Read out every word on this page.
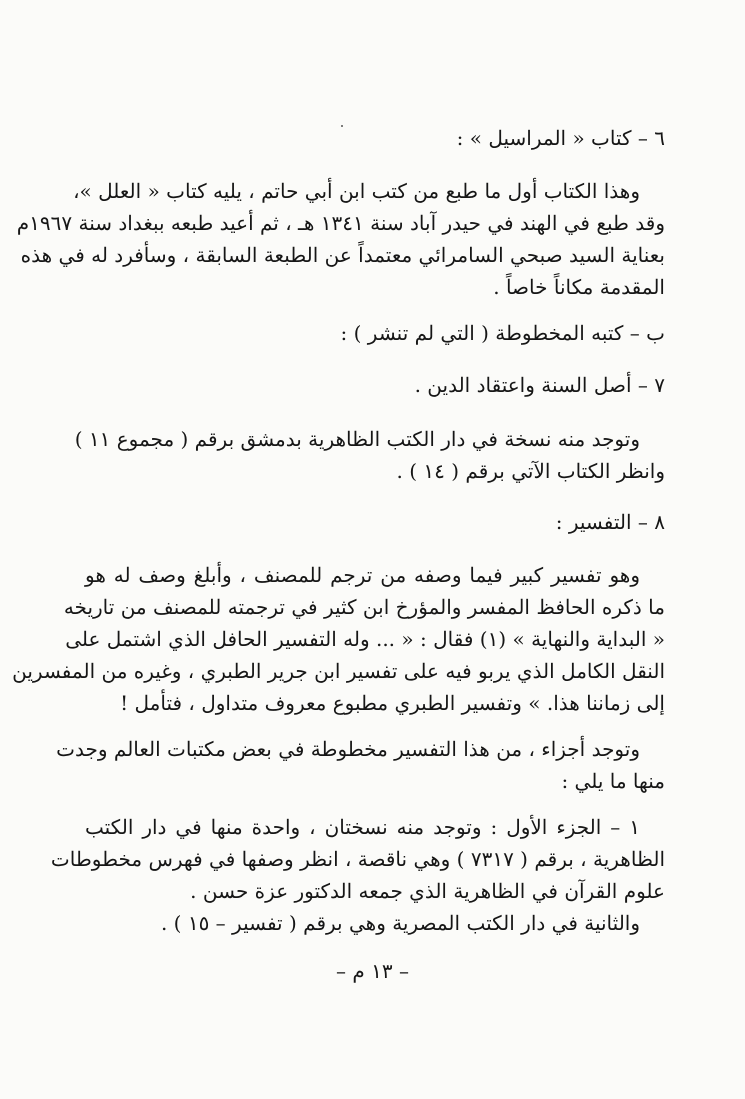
٦ – كتاب « المراسيل » :
وهذا الكتاب أول ما طبع من كتب ابن أبي حاتم ، يليه كتاب « العلل »،
وقد طبع في الهند في حيدر آباد سنة ١٣٤١ هـ ، ثم أعيد طبعه ببغداد سنة ١٩٦٧م
بعناية السيد صبحي السامرائي معتمداً عن الطبعة السابقة ، وسأفرد له في هذه
المقدمة مكاناً خاصاً .
ب – كتبه المخطوطة ( التي لم تنشر ) :
٧ – أصل السنة واعتقاد الدين .
وتوجد منه نسخة في دار الكتب الظاهرية بدمشق برقم ( مجموع ١١ )
وانظر الكتاب الآتي برقم ( ١٤ ) .
٨ – التفسير :
وهو تفسير كبير فيما وصفه من ترجم للمصنف ، وأبلغ وصف له هو
ما ذكره الحافظ المفسر والمؤرخ ابن كثير في ترجمته للمصنف من تاريخه
« البداية والنهاية » (١) فقال : « ... وله التفسير الحافل الذي اشتمل على
النقل الكامل الذي يربو فيه على تفسير ابن جرير الطبري ، وغيره من المفسرين
إلى زماننا هذا. » وتفسير الطبري مطبوع معروف متداول ، فتأمل !
وتوجد أجزاء ، من هذا التفسير مخطوطة في بعض مكتبات العالم وجدت
منها ما يلي :
١ – الجزء الأول : وتوجد منه نسختان ، واحدة منها في دار الكتب
الظاهرية ، برقم ( ٧٣١٧ ) وهي ناقصة ، انظر وصفها في فهرس مخطوطات
علوم القرآن في الظاهرية الذي جمعه الدكتور عزة حسن .
والثانية في دار الكتب المصرية وهي برقم ( تفسير – ١٥ ) .
– ١٣ م –
